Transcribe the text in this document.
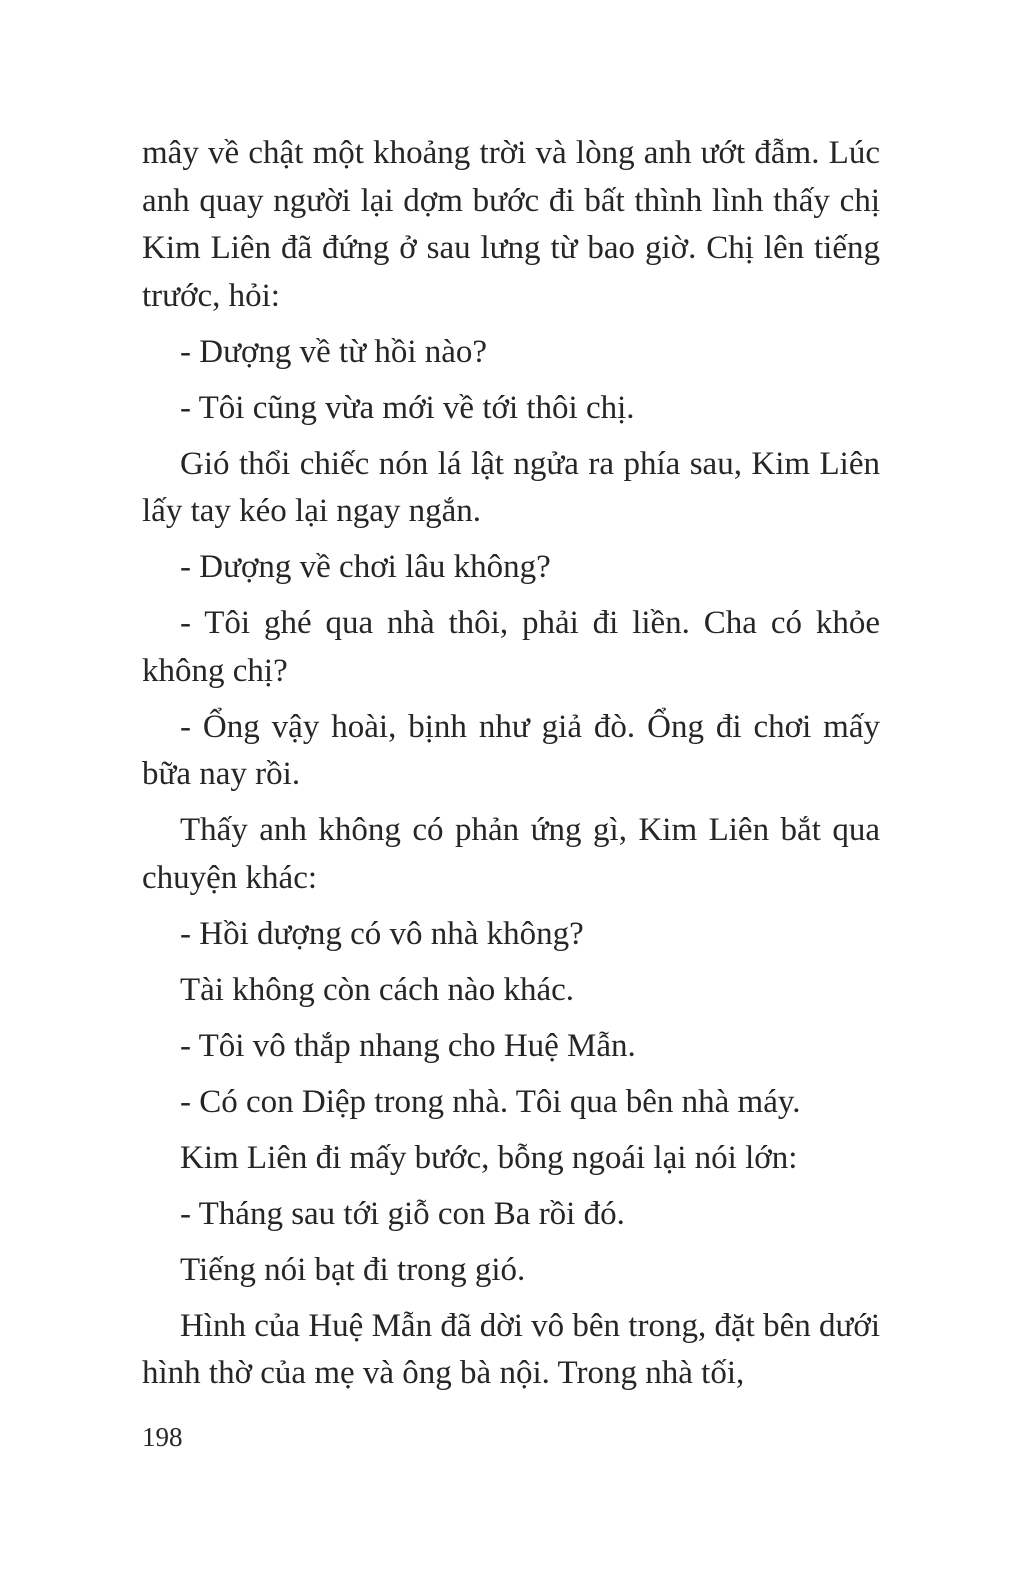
mây về chật một khoảng trời và lòng anh ướt đẫm. Lúc anh quay người lại dợm bước đi bất thình lình thấy chị Kim Liên đã đứng ở sau lưng từ bao giờ. Chị lên tiếng trước, hỏi:

- Dượng về từ hồi nào?

- Tôi cũng vừa mới về tới thôi chị.

Gió thổi chiếc nón lá lật ngửa ra phía sau, Kim Liên lấy tay kéo lại ngay ngắn.

- Dượng về chơi lâu không?

- Tôi ghé qua nhà thôi, phải đi liền. Cha có khỏe không chị?

- Ổng vậy hoài, bịnh như giả đò. Ổng đi chơi mấy bữa nay rồi.

Thấy anh không có phản ứng gì, Kim Liên bắt qua chuyện khác:

- Hồi dượng có vô nhà không?

Tài không còn cách nào khác.

- Tôi vô thắp nhang cho Huệ Mẫn.

- Có con Diệp trong nhà. Tôi qua bên nhà máy.

Kim Liên đi mấy bước, bỗng ngoái lại nói lớn:

- Tháng sau tới giỗ con Ba rồi đó.

Tiếng nói bạt đi trong gió.

Hình của Huệ Mẫn đã dời vô bên trong, đặt bên dưới hình thờ của mẹ và ông bà nội. Trong nhà tối,

198
